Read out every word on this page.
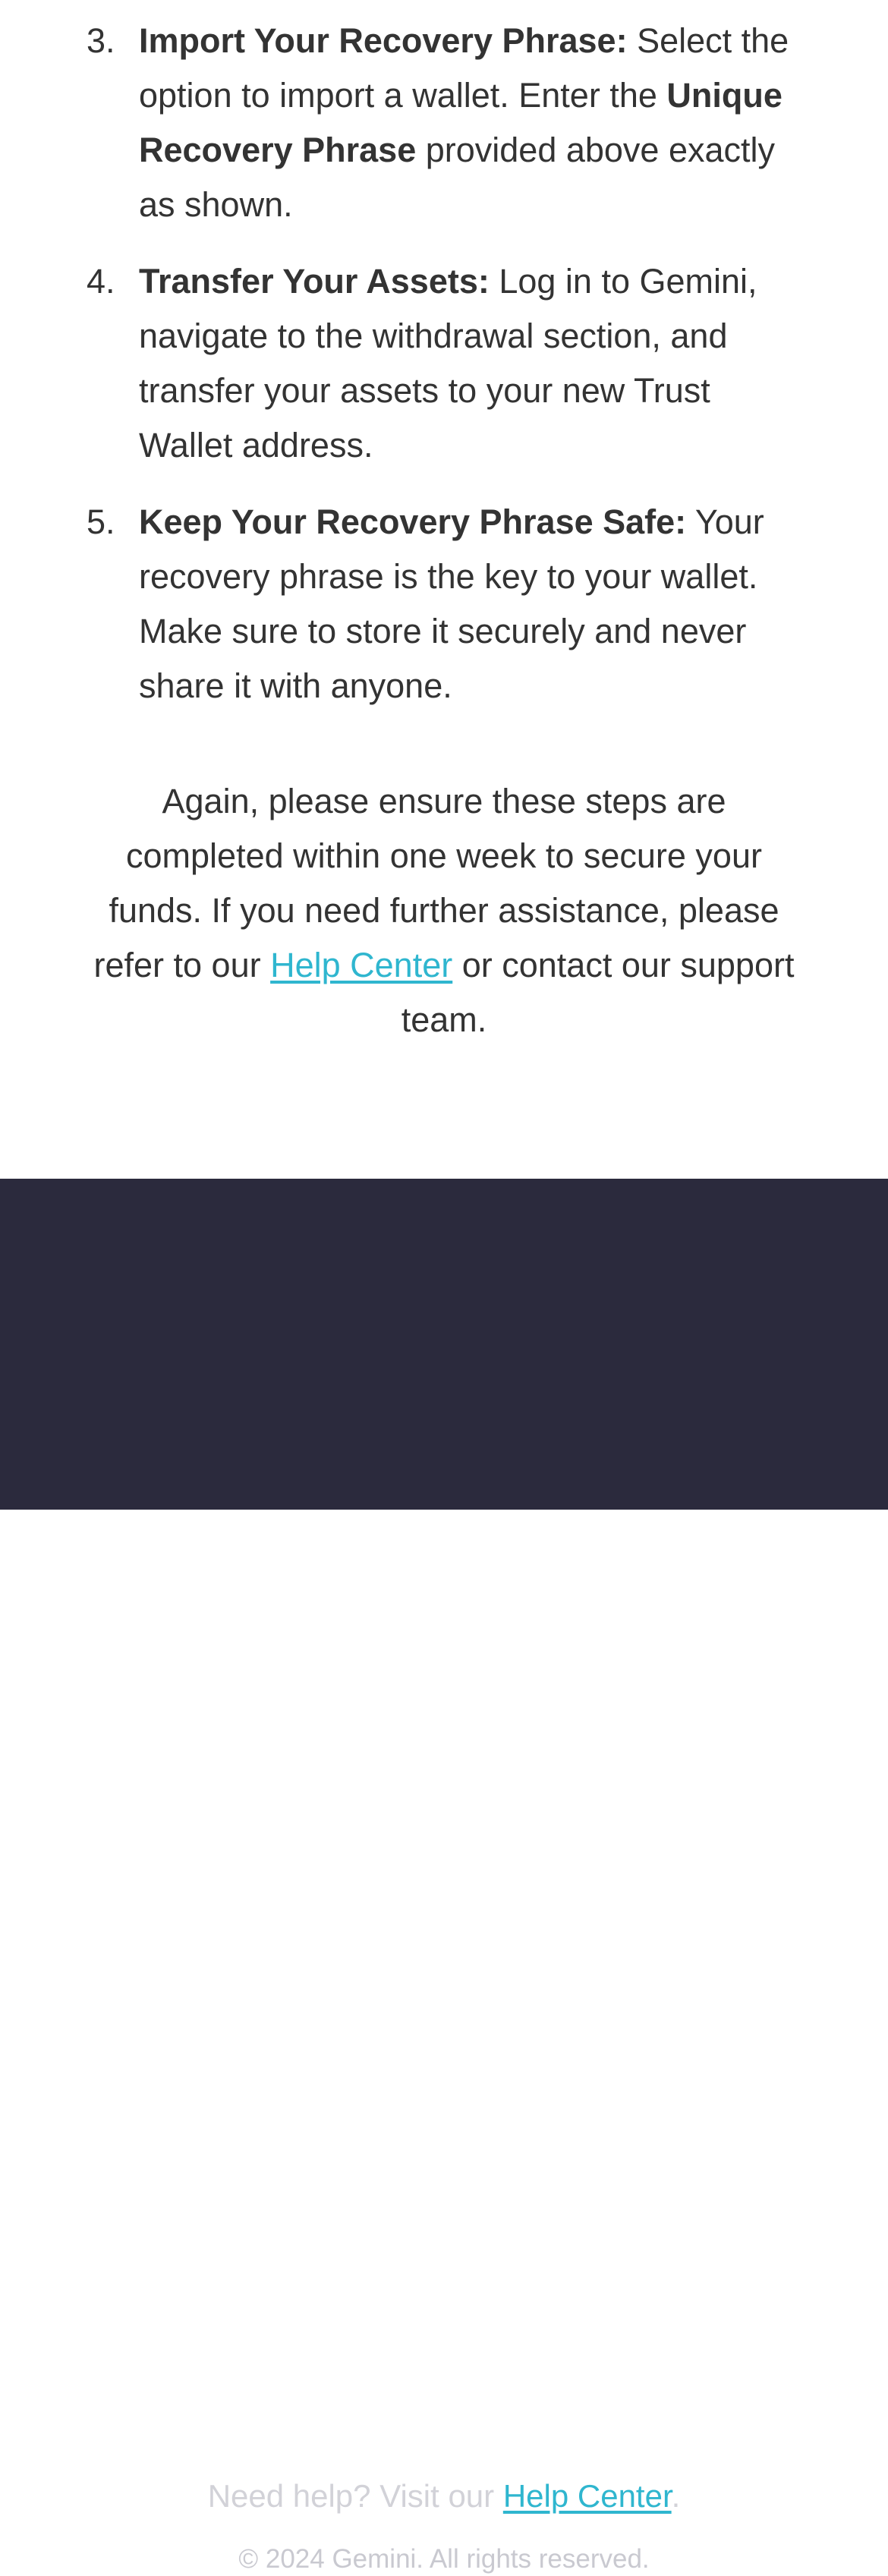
3. Import Your Recovery Phrase: Select the option to import a wallet. Enter the Unique Recovery Phrase provided above exactly as shown.
4. Transfer Your Assets: Log in to Gemini, navigate to the withdrawal section, and transfer your assets to your new Trust Wallet address.
5. Keep Your Recovery Phrase Safe: Your recovery phrase is the key to your wallet. Make sure to store it securely and never share it with anyone.
Again, please ensure these steps are completed within one week to secure your funds. If you need further assistance, please refer to our Help Center or contact our support team.
Need help? Visit our Help Center.
© 2024 Gemini. All rights reserved.
